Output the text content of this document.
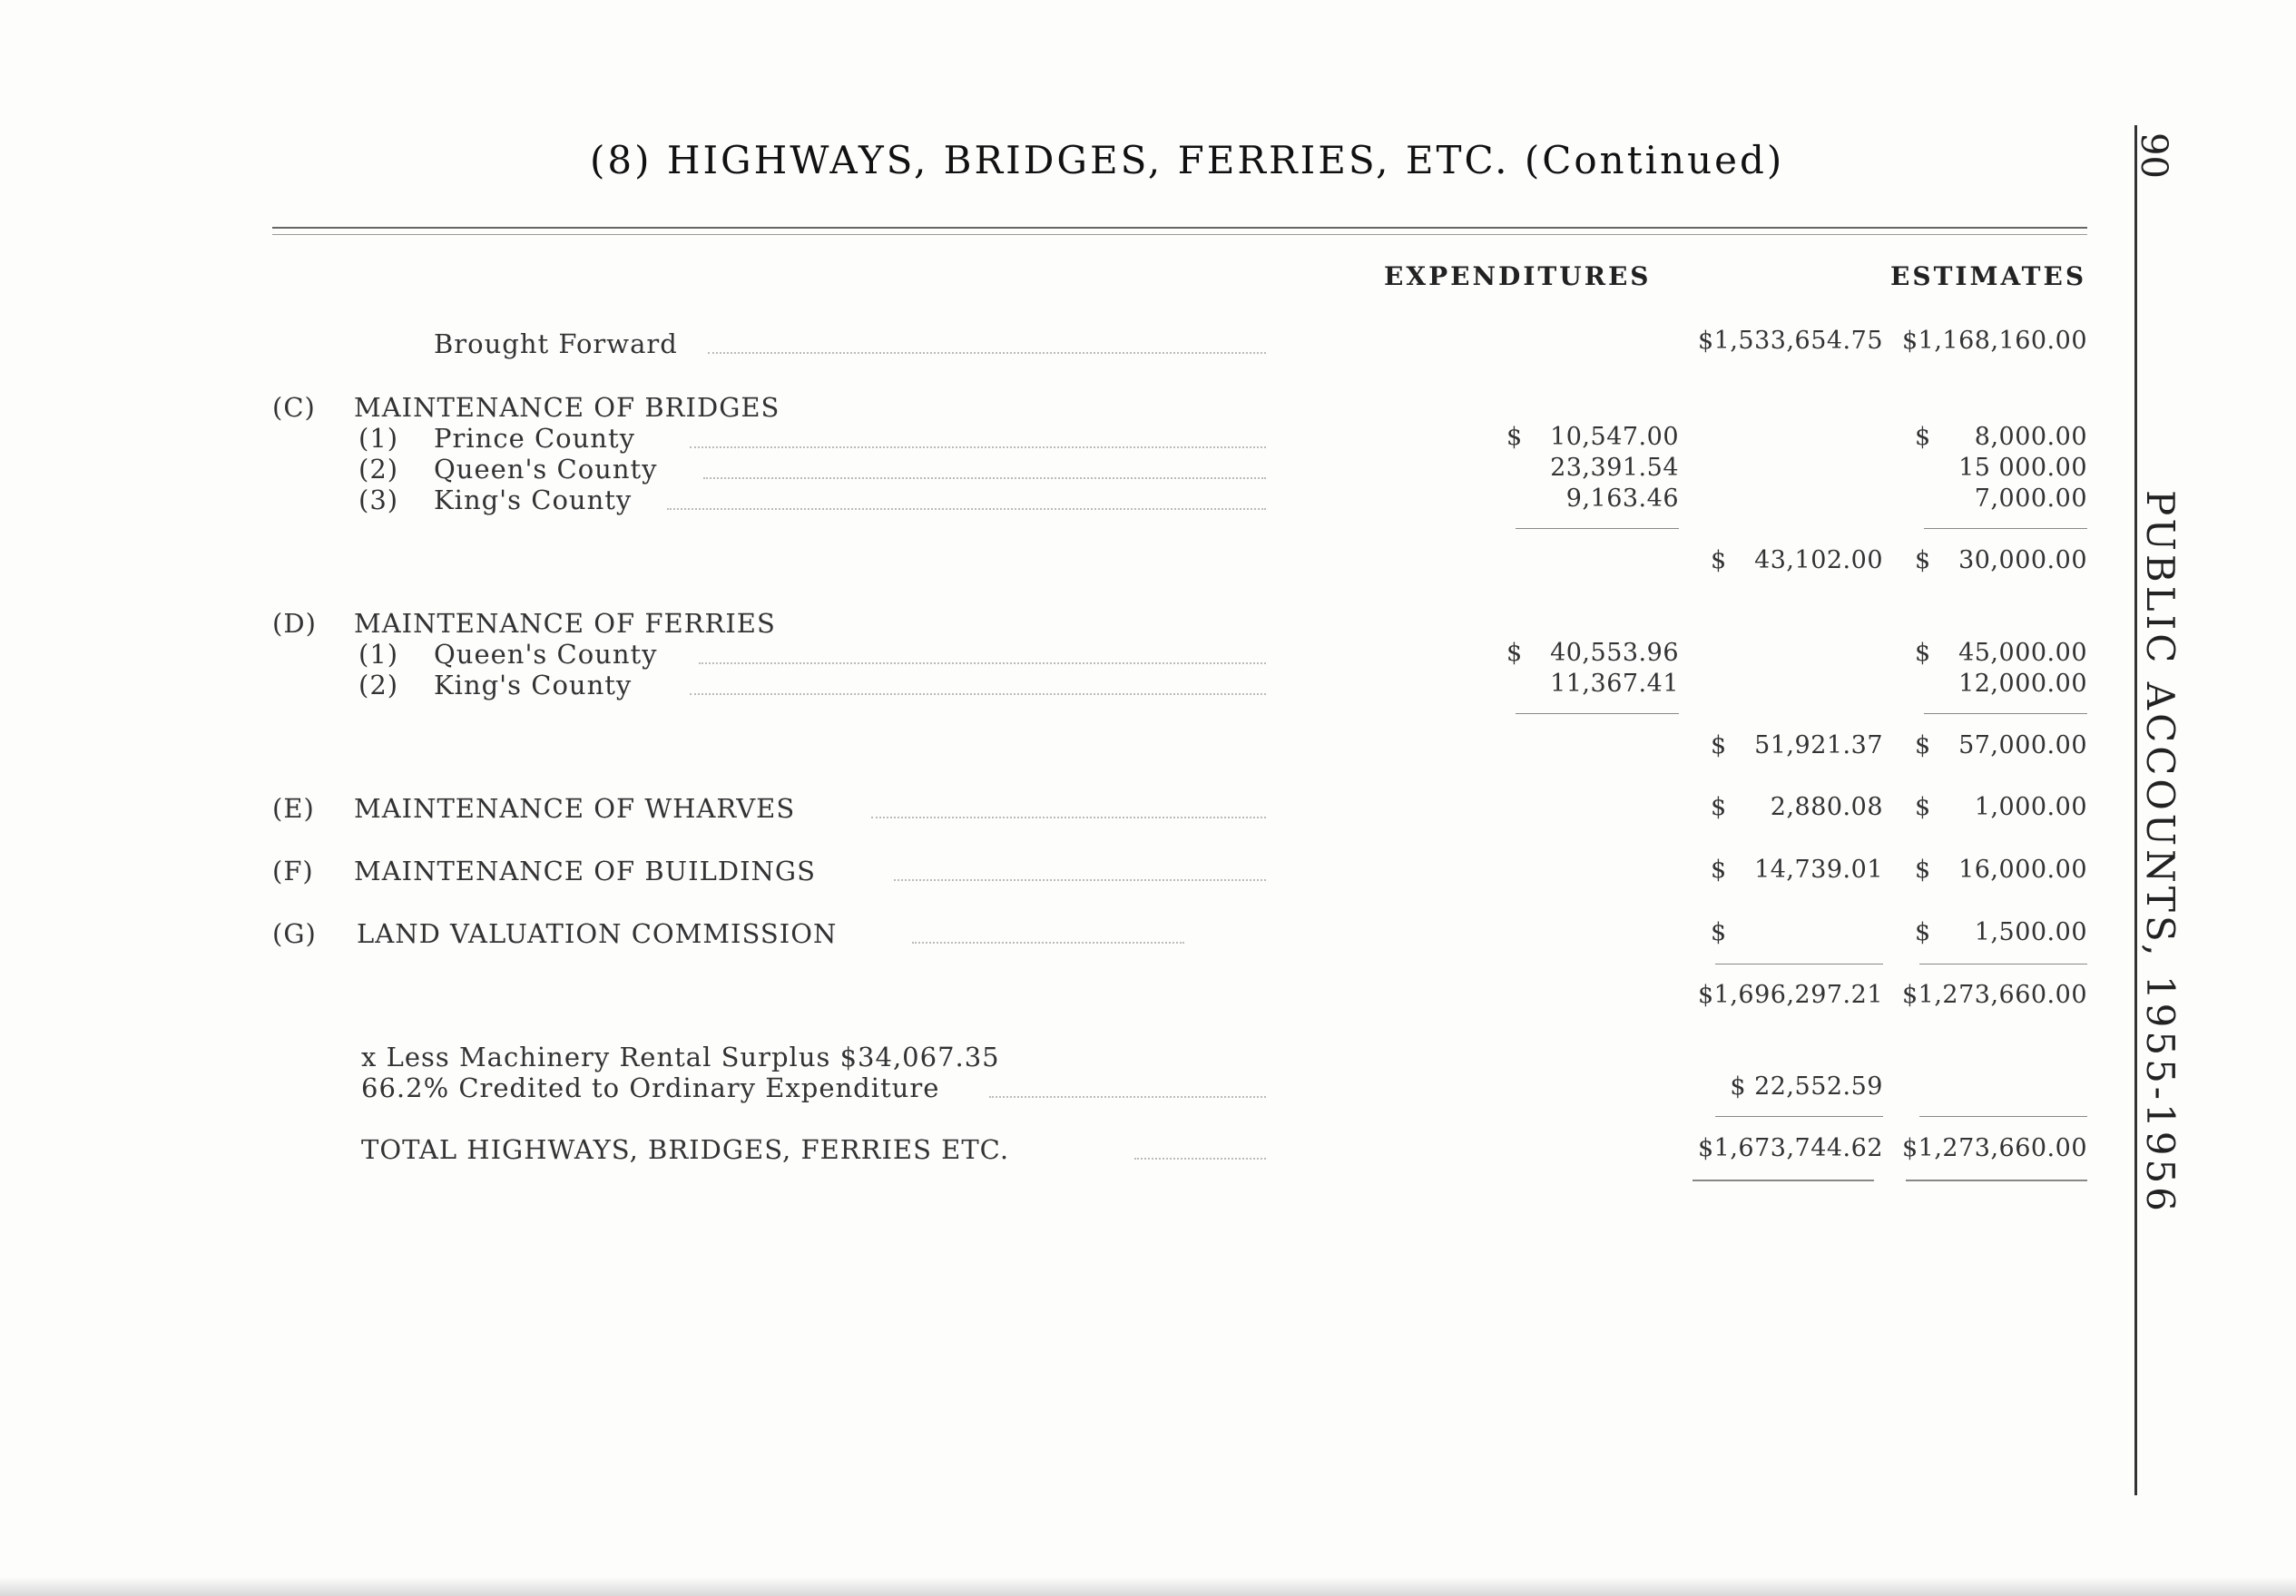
(8) HIGHWAYS, BRIDGES, FERRIES, ETC. (Continued)
EXPENDITURES	ESTIMATES
Brought Forward	$1,533,654.75 $1,168,160.00
(C) MAINTENANCE OF BRIDGES
(1) Prince County	$	10,547.00	$	8,000.00
(2) Queen's County	23,391.54	15 000.00
(3) King's County	9,163.46	7,000.00
$	43,102.00 $	30,000.00
(D) MAINTENANCE OF FERRIES
(1) Queen's County	$	40,553.96	$	45,000.00
(2) King's County	11,367.41	12,000.00
$	51,921.37 $	57,000.00
(E) MAINTENANCE OF WHARVES	$	2,880.08 $	1,000.00
(F) MAINTENANCE OF BUILDINGS	$	14,739.01 $	16,000.00
(G) LAND VALUATION COMMISSION	$	$	1,500.00
$1,696,297.21 $1,273,660.00
x Less Machinery Rental Surplus $34,067.35
66.2% Credited to Ordinary Expenditure	$ 22,552.59
TOTAL HIGHWAYS, BRIDGES, FERRIES ETC.	$1,673,744.62 $1,273,660.00
90
PUBLIC ACCOUNTS, 1955-1956
